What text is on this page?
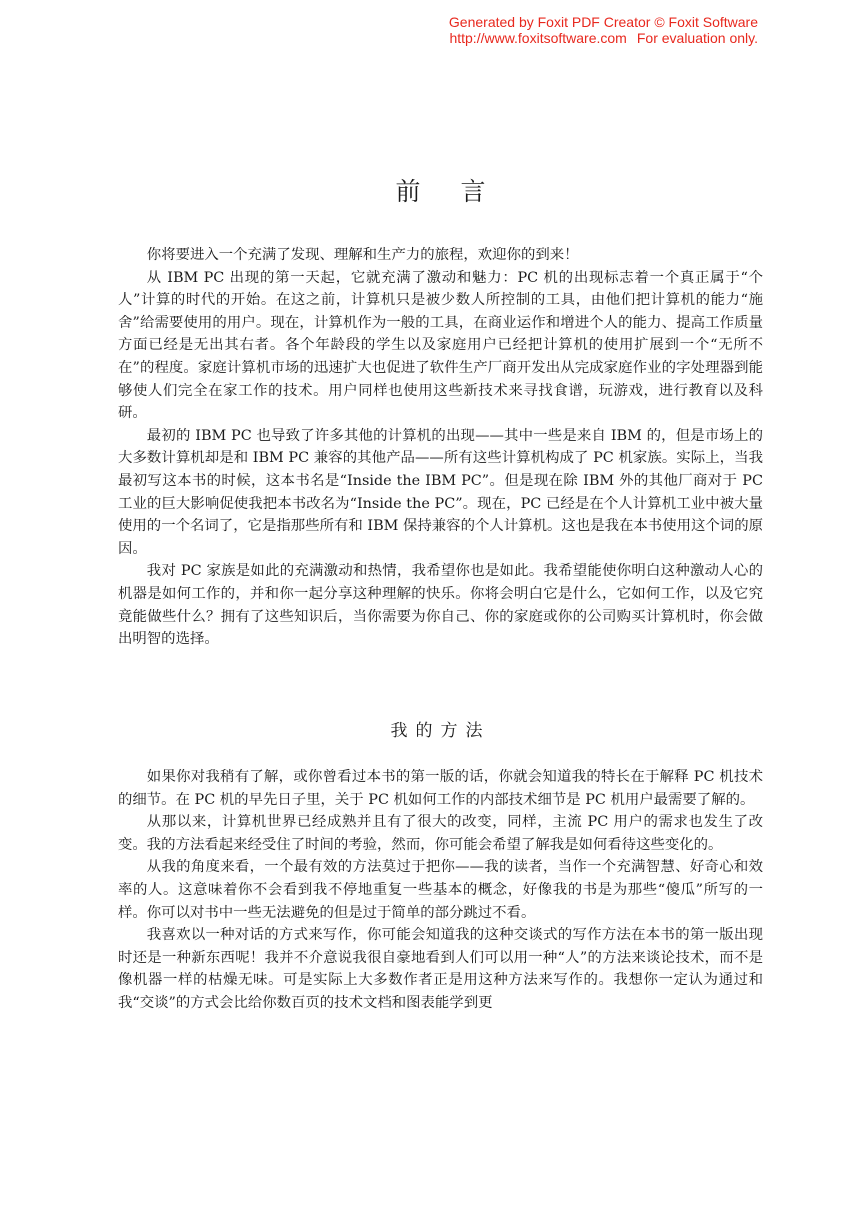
Generated by Foxit PDF Creator © Foxit Software
http://www.foxitsoftware.com For evaluation only.
前言

你将要进入一个充满了发现、理解和生产力的旅程，欢迎你的到来！

从 IBM PC 出现的第一天起，它就充满了激动和魅力：PC 机的出现标志着一个真正属于“个人”计算的时代的开始。在这之前，计算机只是被少数人所控制的工具，由他们把计算机的能力“施舍”给需要使用的用户。现在，计算机作为一般的工具，在商业运作和增进个人的能力、提高工作质量方面已经是无出其右者。各个年龄段的学生以及家庭用户已经把计算机的使用扩展到一个“无所不在”的程度。家庭计算机市场的迅速扩大也促进了软件生产厂商开发出从完成家庭作业的字处理器到能够使人们完全在家工作的技术。用户同样也使用这些新技术来寻找食谱，玩游戏，进行教育以及科研。

最初的 IBM PC 也导致了许多其他的计算机的出现——其中一些是来自 IBM 的，但是市场上的大多数计算机却是和 IBM PC 兼容的其他产品——所有这些计算机构成了 PC 机家族。实际上，当我最初写这本书的时候，这本书名是“Inside the IBM PC”。但是现在除 IBM 外的其他厂商对于 PC 工业的巨大影响促使我把本书改名为“Inside the PC”。现在，PC 已经是在个人计算机工业中被大量使用的一个名词了，它是指那些所有和 IBM 保持兼容的个人计算机。这也是我在本书使用这个词的原因。

我对 PC 家族是如此的充满激动和热情，我希望你也是如此。我希望能使你明白这种激动人心的机器是如何工作的，并和你一起分享这种理解的快乐。你将会明白它是什么，它如何工作，以及它究竟能做些什么？拥有了这些知识后，当你需要为你自己、你的家庭或你的公司购买计算机时，你会做出明智的选择。

我的方法

如果你对我稍有了解，或你曾看过本书的第一版的话，你就会知道我的特长在于解释 PC 机技术的细节。在 PC 机的早先日子里，关于 PC 机如何工作的内部技术细节是 PC 机用户最需要了解的。

从那以来，计算机世界已经成熟并且有了很大的改变，同样，主流 PC 用户的需求也发生了改变。我的方法看起来经受住了时间的考验，然而，你可能会希望了解我是如何看待这些变化的。

从我的角度来看，一个最有效的方法莫过于把你——我的读者，当作一个充满智慧、好奇心和效率的人。这意味着你不会看到我不停地重复一些基本的概念，好像我的书是为那些“傻瓜”所写的一样。你可以对书中一些无法避免的但是过于简单的部分跳过不看。

我喜欢以一种对话的方式来写作，你可能会知道我的这种交谈式的写作方法在本书的第一版出现时还是一种新东西呢！我并不介意说我很自豪地看到人们可以用一种“人”的方法来谈论技术，而不是像机器一样的枯燥无味。可是实际上大多数作者正是用这种方法来写作的。我想你一定认为通过和我“交谈”的方式会比给你数百页的技术文档和图表能学到更
